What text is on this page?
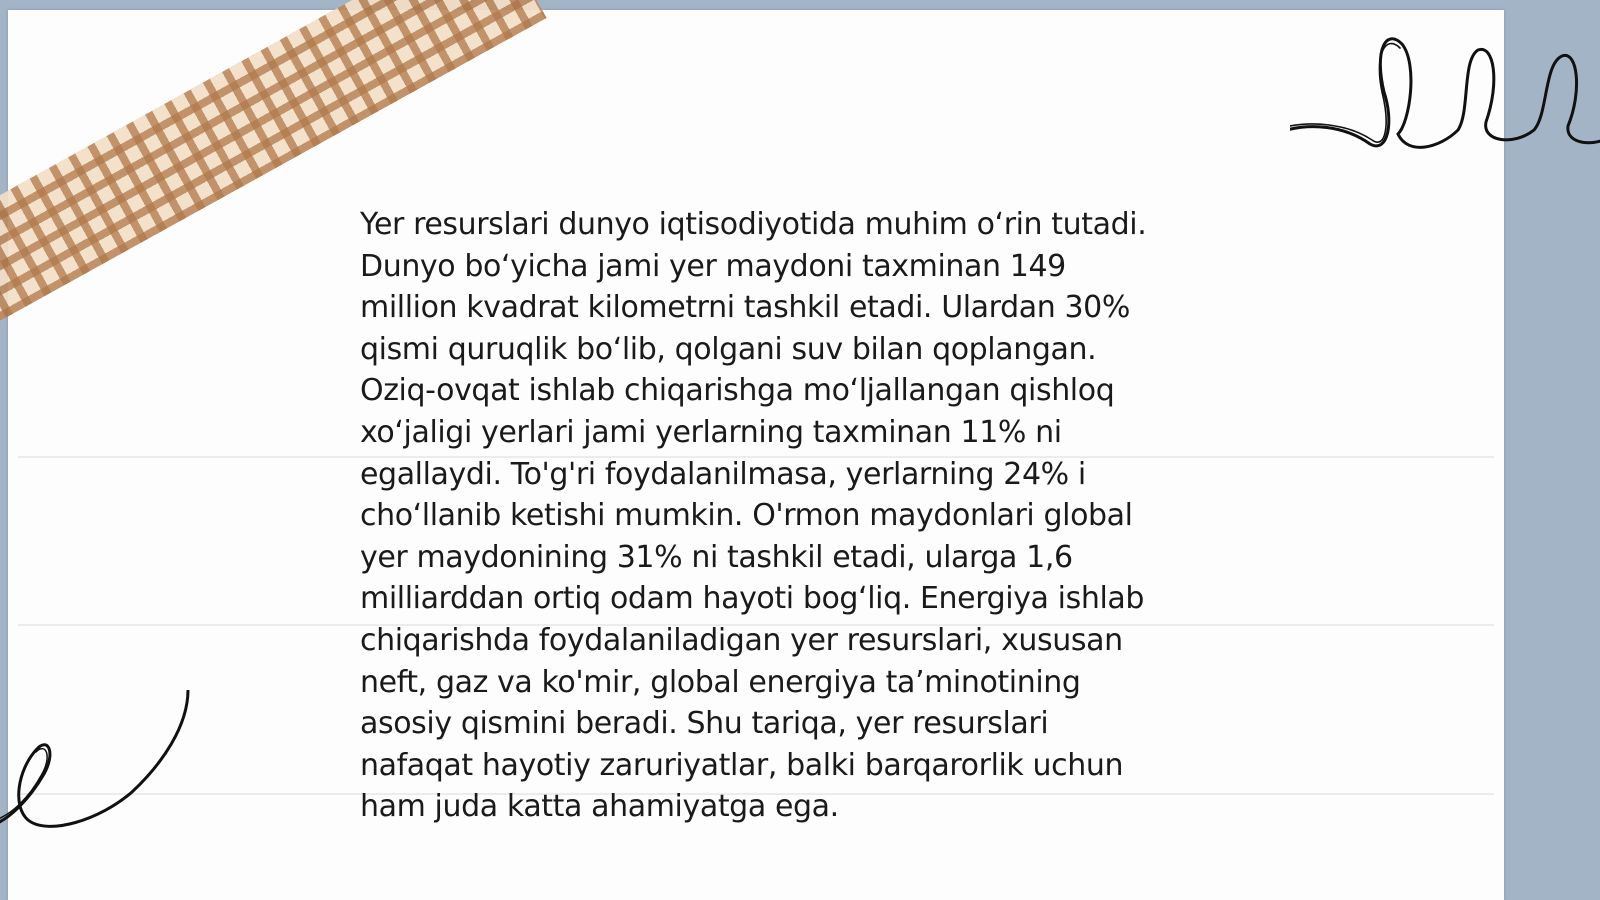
Yer resurslari dunyo iqtisodiyotida muhim o‘rin tutadi.
Dunyo bo‘yicha jami yer maydoni taxminan 149
million kvadrat kilometrni tashkil etadi. Ulardan 30%
qismi quruqlik bo‘lib, qolgani suv bilan qoplangan.
Oziq-ovqat ishlab chiqarishga mo‘ljallangan qishloq
xo‘jaligi yerlari jami yerlarning taxminan 11% ni
egallaydi. To'g'ri foydalanilmasa, yerlarning 24% i
cho‘llanib ketishi mumkin. O'rmon maydonlari global
yer maydonining 31% ni tashkil etadi, ularga 1,6
milliarddan ortiq odam hayoti bog‘liq. Energiya ishlab
chiqarishda foydalaniladigan yer resurslari, xususan
neft, gaz va ko'mir, global energiya ta’minotining
asosiy qismini beradi. Shu tariqa, yer resurslari
nafaqat hayotiy zaruriyatlar, balki barqarorlik uchun
ham juda katta ahamiyatga ega.
